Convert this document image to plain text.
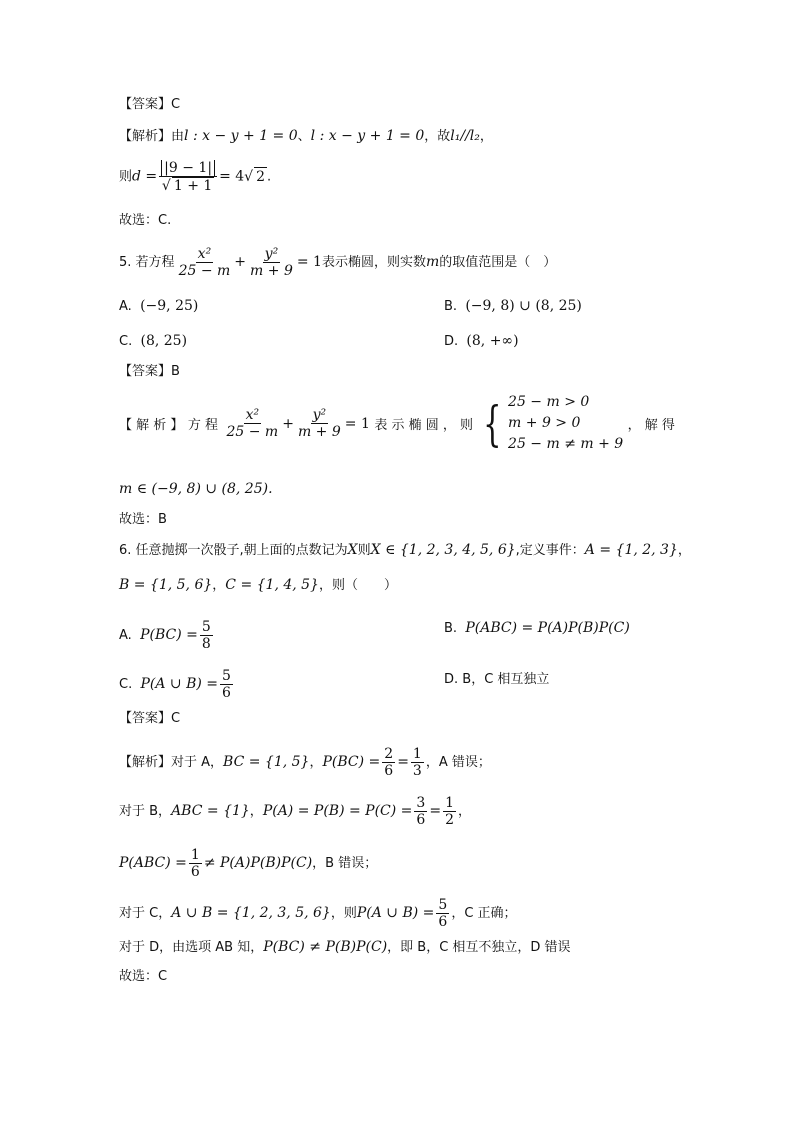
【答案】C
【解析】由l : x − y + 1 = 0、l : x − y + 1 = 0，故l₁//l₂，
则$d = \frac{|9 - 1|}{√ 1 + 1} = 4√$ 2 .
故选：C.
5. 若方程 $\frac{\text{x²}}{25 - m} + \frac{\text{y²}}{m + 9} = 1$表示椭圆，则实数m的取值范围是（　）
A. (−9, 25)	B. (−9, 8) ∪ (8, 25)
C. (8, 25)	D. (8, +∞)
【答案】B
【 解 析 】 方 程 $\frac{\text{x²}}{25 - m} + \frac{\text{y²}}{m + 9} = 1$ 表 示 椭 圆 ， 则 { 25 − m > 0
m + 9 > 0
25 − m ≠ m + 9
， 解 得
m ∈ (−9, 8) ∪ (8, 25).
故选：B
6. 任意抛掷一次骰子,朝上面的点数记为X则X ∈ {1, 2, 3, 4, 5, 6},定义事件：A = {1, 2, 3}，
B = {1, 5, 6}，C = {1, 4, 5}，则（　　）
A. $P(BC) = \frac{5}{8}$	B. P(ABC) = P(A)P(B)P(C)
C. P(A ∪ $B) = \frac{5}{6}$	D. B，C 相互独立
【答案】C
【解析】对于 A，BC = {1, 5}，$P(BC) = \frac{2}{6} = \frac{1}{3}$ ，A 错误；
对于 B，ABC = {1}，$P(A) = P(B) = P(C) = \frac{3}{6} = \frac{1}{2}$ ，
$P(ABC) = \frac{1}{6} \ne P(A)P(B)P(C)$，B 错误；
对于 C，A ∪ B = {1, 2, 3, 5, 6}，则P(A ∪ $B) = \frac{5}{6}$ ，C 正确；
对于 D，由选项 AB 知，P(BC) ≠ P(B)P(C)，即 B，C 相互不独立，D 错误
故选：C
